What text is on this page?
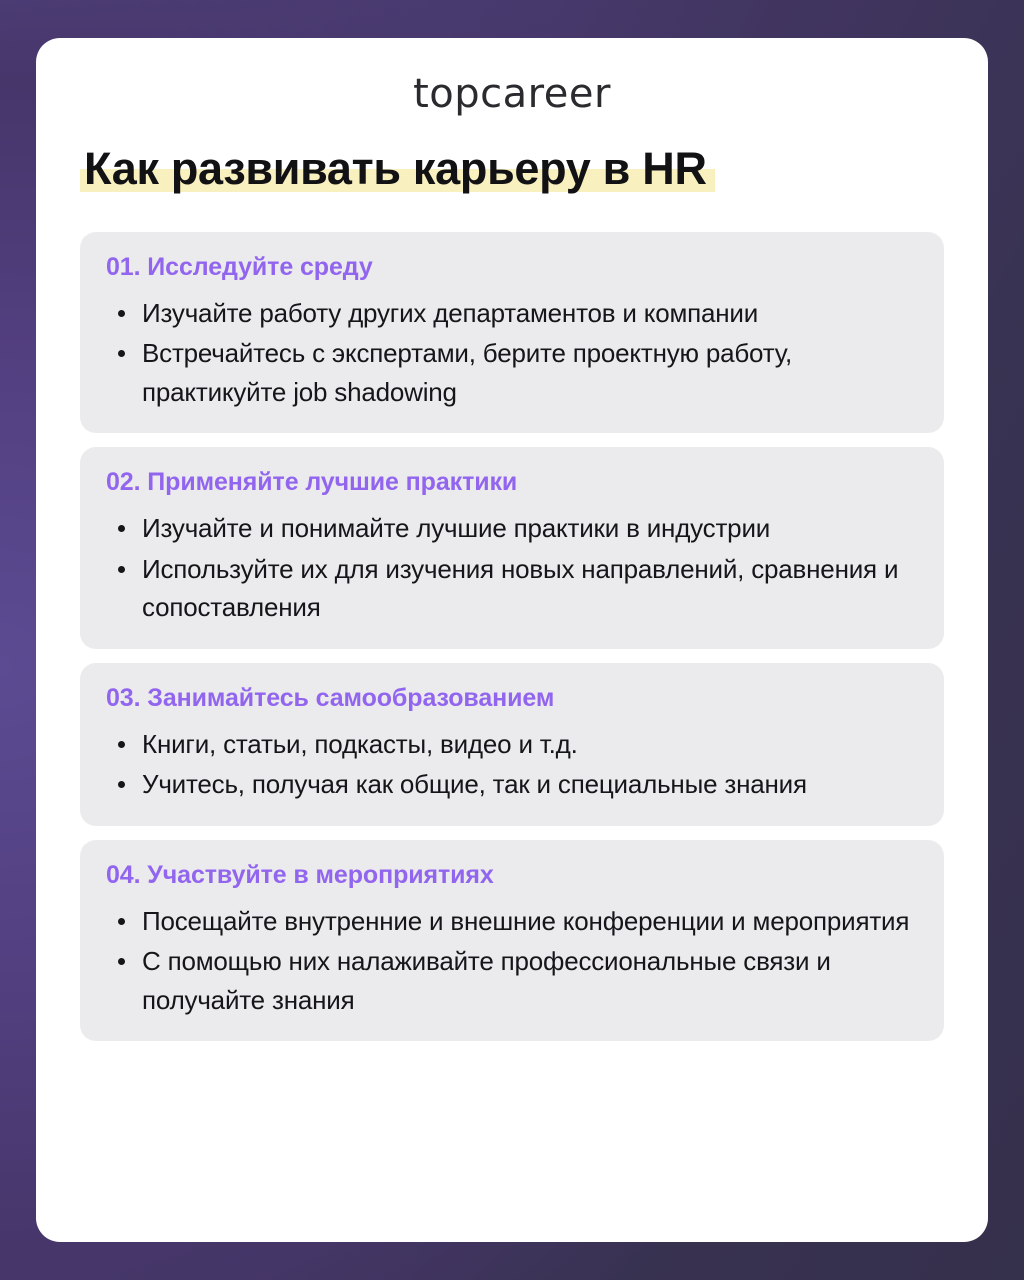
topcareer
Как развивать карьеру в HR
01. Исследуйте среду
Изучайте работу других департаментов и компании
Встречайтесь с экспертами, берите проектную работу, практикуйте job shadowing
02. Применяйте лучшие практики
Изучайте и понимайте лучшие практики в индустрии
Используйте их для изучения новых направлений, сравнения и сопоставления
03. Занимайтесь самообразованием
Книги, статьи, подкасты, видео и т.д.
Учитесь, получая как общие, так и специальные знания
04. Участвуйте в мероприятиях
Посещайте внутренние и внешние конференции и мероприятия
С помощью них налаживайте профессиональные связи и получайте знания
